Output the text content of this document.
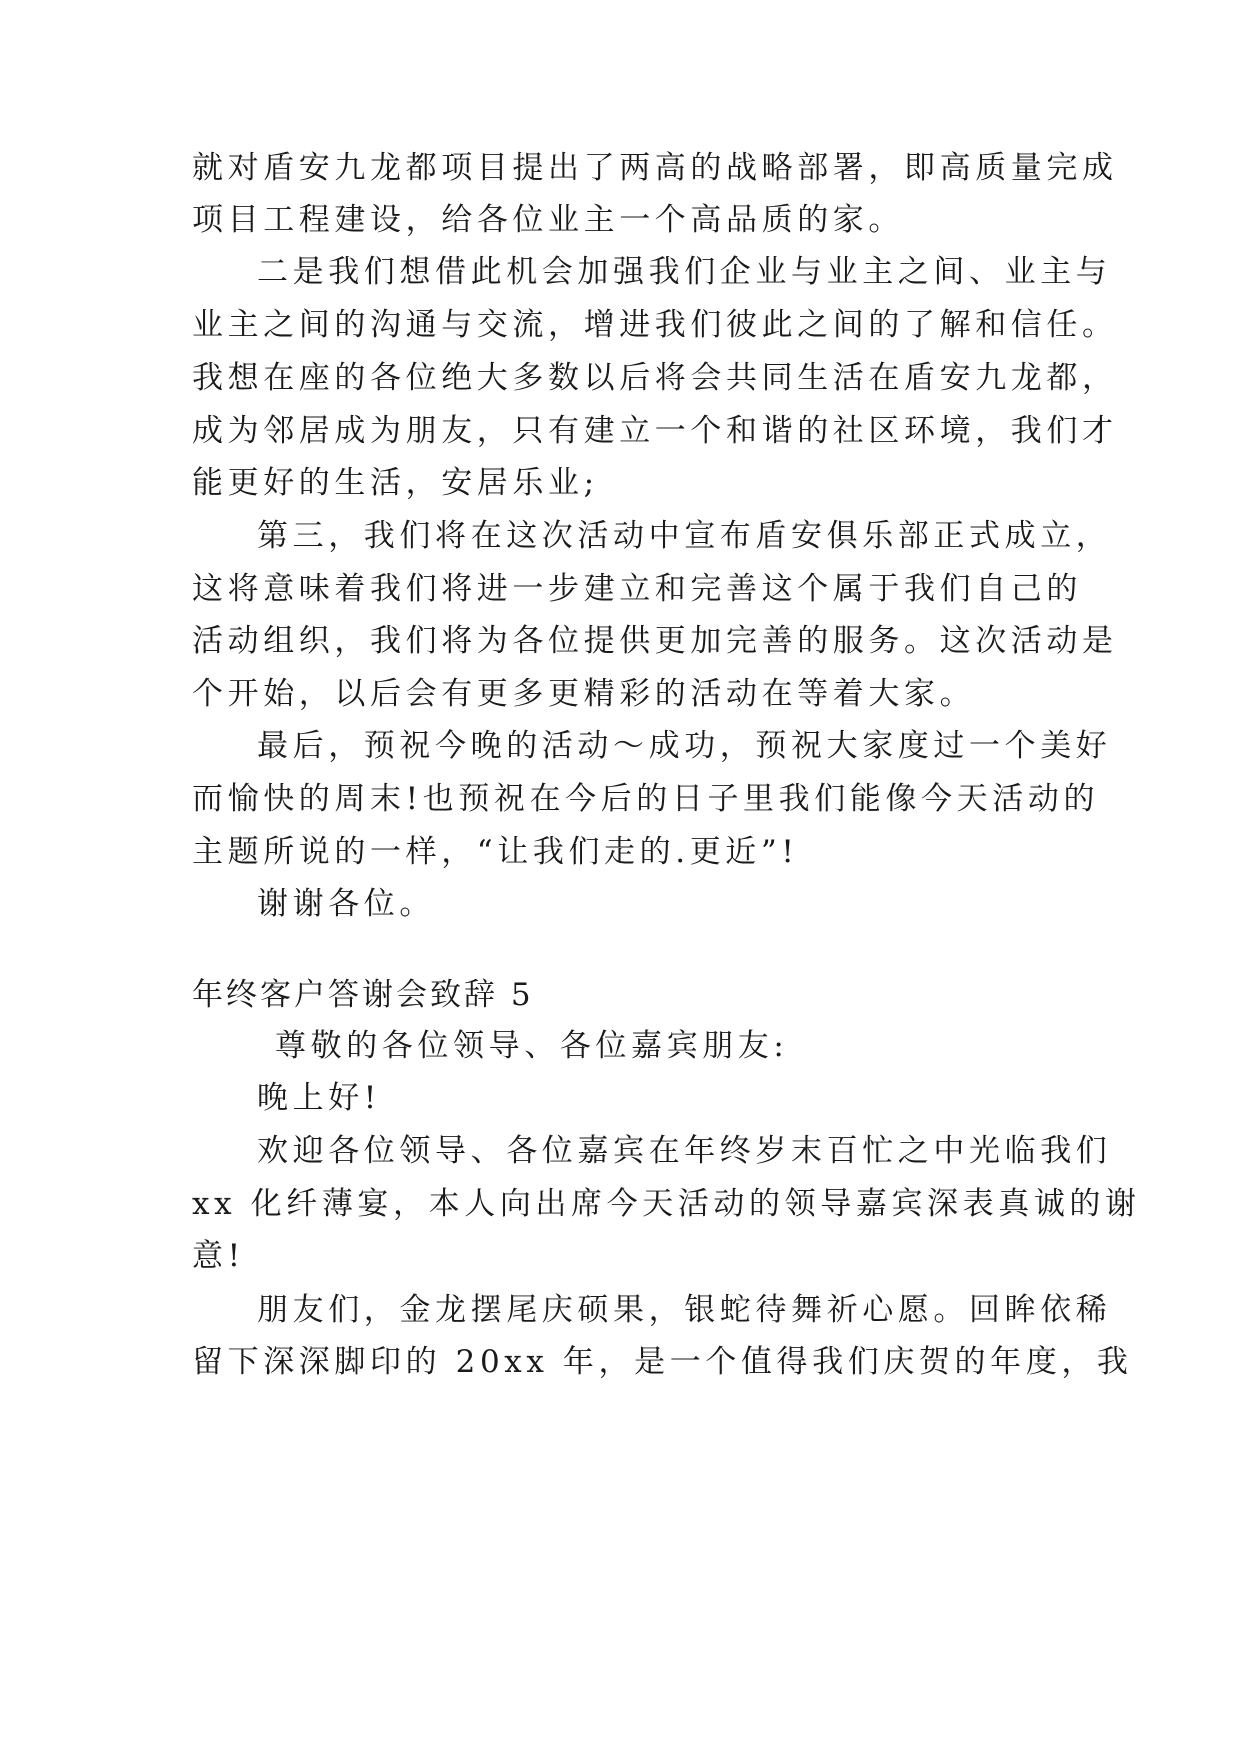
就对盾安九龙都项目提出了两高的战略部署，即高质量完成
项目工程建设，给各位业主一个高品质的家。
二是我们想借此机会加强我们企业与业主之间、业主与
业主之间的沟通与交流，增进我们彼此之间的了解和信任。
我想在座的各位绝大多数以后将会共同生活在盾安九龙都，
成为邻居成为朋友，只有建立一个和谐的社区环境，我们才
能更好的生活，安居乐业;
第三，我们将在这次活动中宣布盾安俱乐部正式成立，
这将意味着我们将进一步建立和完善这个属于我们自己的
活动组织，我们将为各位提供更加完善的服务。这次活动是
个开始，以后会有更多更精彩的活动在等着大家。
最后，预祝今晚的活动～成功，预祝大家度过一个美好
而愉快的周末!也预祝在今后的日子里我们能像今天活动的
主题所说的一样，“让我们走的.更近”!
谢谢各位。
年终客户答谢会致辞 5
尊敬的各位领导、各位嘉宾朋友:
晚上好!
欢迎各位领导、各位嘉宾在年终岁末百忙之中光临我们
xx 化纤薄宴，本人向出席今天活动的领导嘉宾深表真诚的谢
意!
朋友们，金龙摆尾庆硕果，银蛇待舞祈心愿。回眸依稀
留下深深脚印的 20xx 年，是一个值得我们庆贺的年度，我
